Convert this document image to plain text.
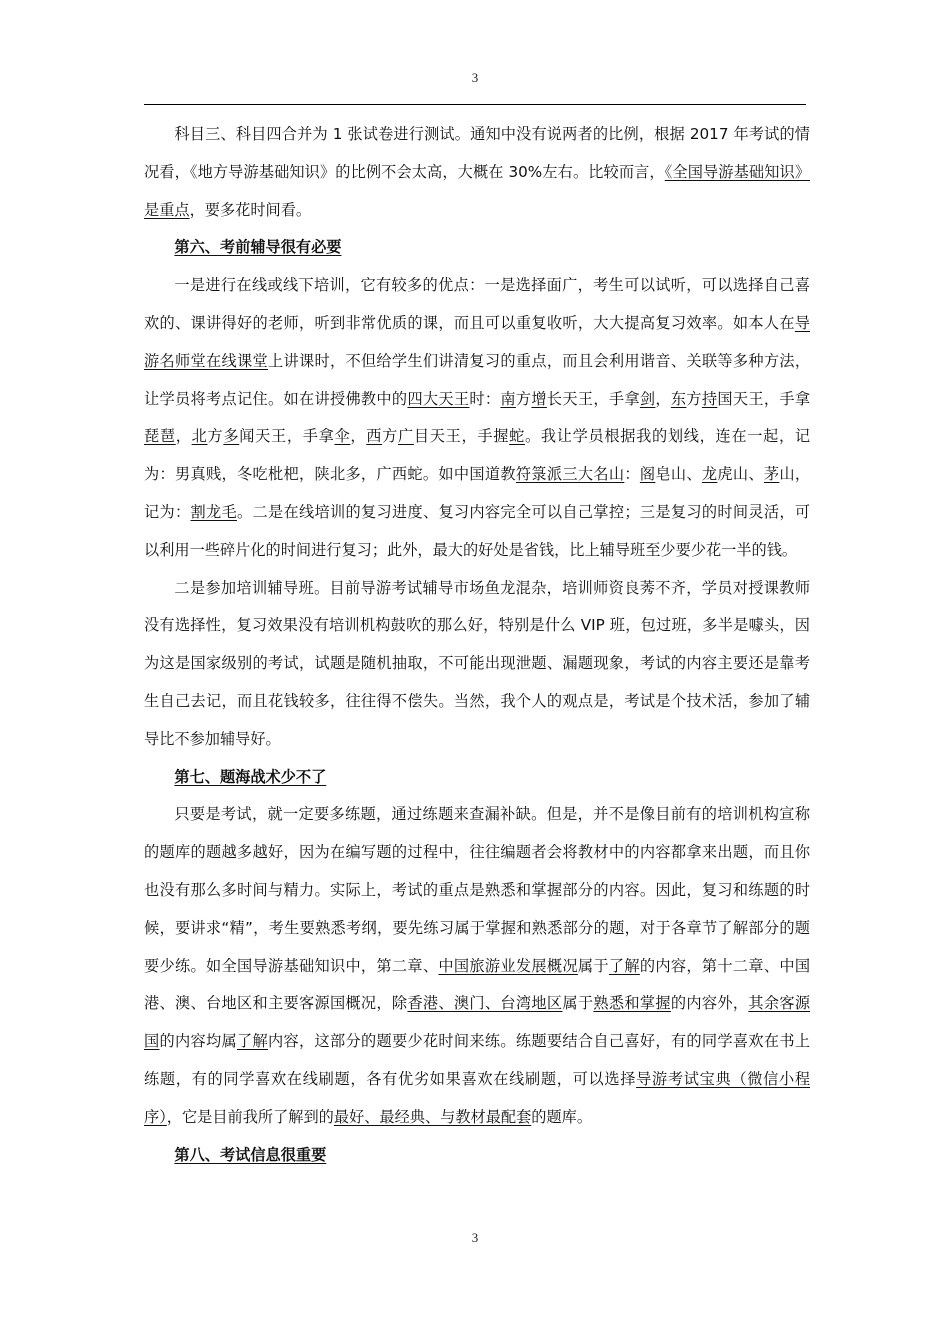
3

科目三、科目四合并为 1 张试卷进行测试。通知中没有说两者的比例，根据 2017 年考试的情况看，《地方导游基础知识》的比例不会太高，大概在 30%左右。比较而言，《全国导游基础知识》是重点，要多花时间看。

第六、考前辅导很有必要

一是进行在线或线下培训，它有较多的优点：一是选择面广，考生可以试听，可以选择自己喜欢的、课讲得好的老师，听到非常优质的课，而且可以重复收听，大大提高复习效率。如本人在导游名师堂在线课堂上讲课时，不但给学生们讲清复习的重点，而且会利用谐音、关联等多种方法，让学员将考点记住。如在讲授佛教中的四大天王时：南方增长天王，手拿剑，东方持国天王，手拿琵琶，北方多闻天王，手拿伞，西方广目天王，手握蛇。我让学员根据我的划线，连在一起，记为：男真贱，冬吃枇杷，陕北多，广西蛇。如中国道教符箓派三大名山：阁皂山、龙虎山、茅山，记为：割龙毛。二是在线培训的复习进度、复习内容完全可以自己掌控；三是复习的时间灵活，可以利用一些碎片化的时间进行复习；此外，最大的好处是省钱，比上辅导班至少要少花一半的钱。

二是参加培训辅导班。目前导游考试辅导市场鱼龙混杂，培训师资良莠不齐，学员对授课教师没有选择性，复习效果没有培训机构鼓吹的那么好，特别是什么 VIP 班，包过班，多半是噱头，因为这是国家级别的考试，试题是随机抽取，不可能出现泄题、漏题现象，考试的内容主要还是靠考生自己去记，而且花钱较多，往往得不偿失。当然，我个人的观点是，考试是个技术活，参加了辅导比不参加辅导好。

第七、题海战术少不了

只要是考试，就一定要多练题，通过练题来查漏补缺。但是，并不是像目前有的培训机构宣称的题库的题越多越好，因为在编写题的过程中，往往编题者会将教材中的内容都拿来出题，而且你也没有那么多时间与精力。实际上，考试的重点是熟悉和掌握部分的内容。因此，复习和练题的时候，要讲求“精”，考生要熟悉考纲，要先练习属于掌握和熟悉部分的题，对于各章节了解部分的题要少练。如全国导游基础知识中，第二章、中国旅游业发展概况属于了解的内容，第十二章、中国港、澳、台地区和主要客源国概况，除香港、澳门、台湾地区属于熟悉和掌握的内容外，其余客源国的内容均属了解内容，这部分的题要少花时间来练。练题要结合自己喜好，有的同学喜欢在书上练题，有的同学喜欢在线刷题，各有优劣如果喜欢在线刷题，可以选择导游考试宝典（微信小程序），它是目前我所了解到的最好、最经典、与教材最配套的题库。

第八、考试信息很重要
3
